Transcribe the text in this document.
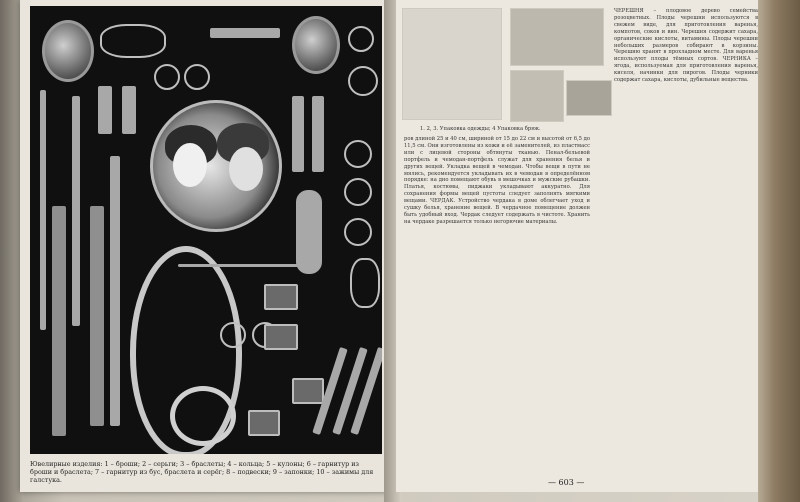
Ювелирные изделия: 1 – броши; 2 – серьги; 3 – браслеты; 4 – кольца; 5 – кулоны; 6 – гарнитур из броши и браслета; 7 – гарнитур из бус, браслета и серёг; 8 – подвески; 9 – запонки; 10 – зажимы для галстука.
1. 2, 3. Упаковка одежды; 4 Упаковка брюк.
ров длиной 25 и 40 см, шириной от 15 до 22 см и высотой от 6,5 до 11,5 см. Они изготовлены из кожи и её заменителей, из пластмасс или с лицевой стороны обтянуты тканью. Пенал-бельевой портфель и чемодан-портфель служат для хранения белья и других вещей. Укладка вещей в чемодан. Чтобы вещи в пути не мялись, рекомендуется укладывать их в чемодан в определённом порядке: на дно помещают обувь в мешочках и мужские рубашки. Платья, костюмы, пиджаки укладывают аккуратно. Для сохранения формы вещей пустоты следует заполнять мягкими вещами. ЧЕРДАК. Устройство чердака в доме облегчает уход и сушку белья, хранение вещей. В чердачное помещение должен быть удобный вход. Чердак следует содержать в чистоте. Хранить на чердаке разрешается только негорючие материалы.
ЧЕРЕШНЯ – плодовое дерево семейства розоцветных. Плоды черешни используются в свежем виде, для приготовления варенья, компотов, соков и вин. Черешня содержит сахара, органические кислоты, витамины. Плоды черешни небольших размеров собирают в корзины. Черешню хранят в прохладном месте. Для варенья используют плоды тёмных сортов. ЧЕРНИКА – ягода, используемая для приготовления варенья, киселя, начинки для пирогов. Плоды черники содержат сахара, кислоты, дубильные вещества.
— 603 —
